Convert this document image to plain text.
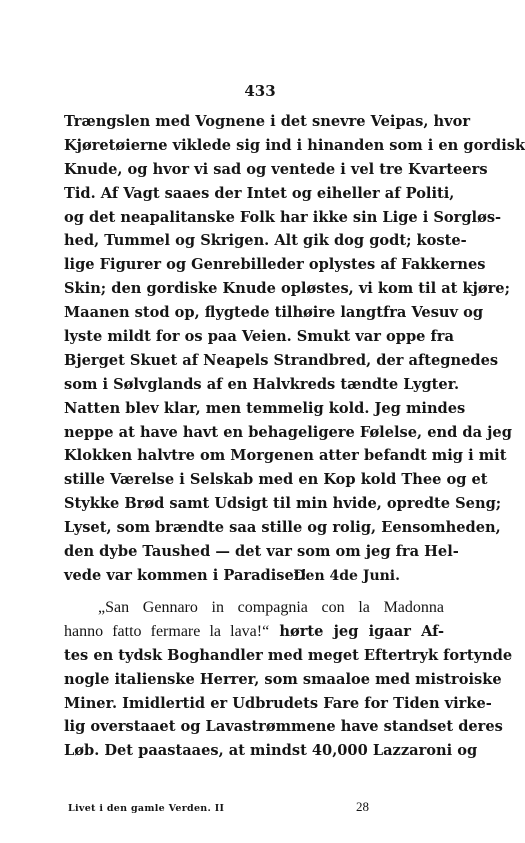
433
Trængslen med Vognene i det snevre Veipas, hvor
Kjøretøierne viklede sig ind i hinanden som i en gordisk
Knude, og hvor vi sad og ventede i vel tre Kvarteers
Tid. Af Vagt saaes der Intet og eiheller af Politi,
og det neapalitanske Folk har ikke sin Lige i Sorgløs-
hed, Tummel og Skrigen. Alt gik dog godt; koste-
lige Figurer og Genrebilleder oplystes af Fakkernes
Skin; den gordiske Knude opløstes, vi kom til at kjøre;
Maanen stod op, flygtede tilhøire langtfra Vesuv og
lyste mildt for os paa Veien. Smukt var oppe fra
Bjerget Skuet af Neapels Strandbred, der aftegnedes
som i Sølvglands af en Halvkreds tændte Lygter.
Natten blev klar, men temmelig kold. Jeg mindes
neppe at have havt en behageligere Følelse, end da jeg
Klokken halvtre om Morgenen atter befandt mig i mit
stille Værelse i Selskab med en Kop kold Thee og et
Stykke Brød samt Udsigt til min hvide, opredte Seng;
Lyset, som brændte saa stille og rolig, Eensomheden,
den dybe Taushed — det var som om jeg fra Hel-
vede var kommen i Paradiset!
Den 4de Juni.
„San Gennaro in compagnia con la Madonna
hanno fatto fermare la lava!“ hørte jeg igaar Af-
tes en tydsk Boghandler med meget Eftertryk fortynde
nogle italienske Herrer, som smaaloe med mistroiske
Miner. Imidlertid er Udbrudets Fare for Tiden virke-
lig overstaaet og Lavastrømmene have standset deres
Løb. Det paastaaes, at mindst 40,000 Lazzaroni og
Livet i den gamle Verden. II	28
